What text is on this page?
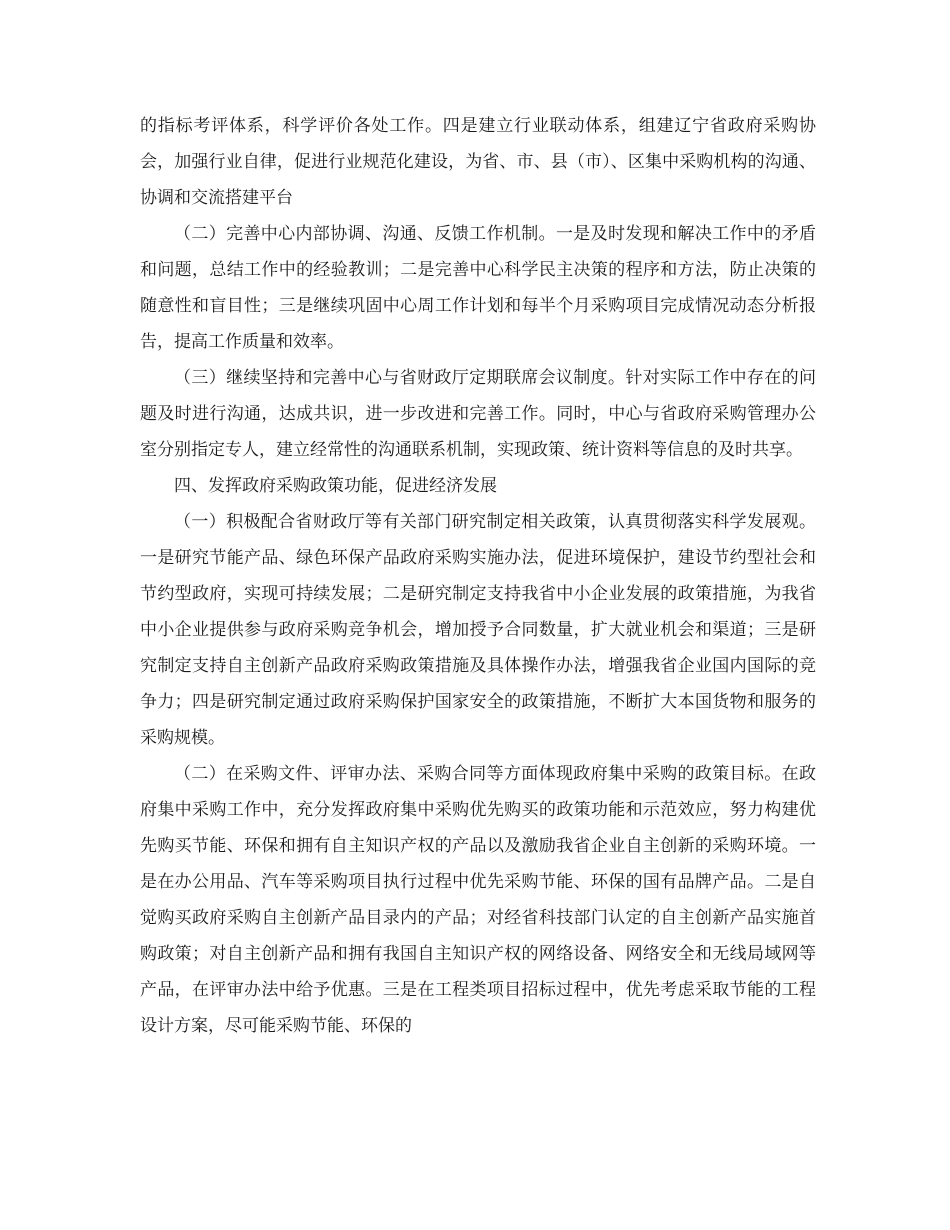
的指标考评体系，科学评价各处工作。四是建立行业联动体系，组建辽宁省政府采购协会，加强行业自律，促进行业规范化建设，为省、市、县（市）、区集中采购机构的沟通、协调和交流搭建平台

（二）完善中心内部协调、沟通、反馈工作机制。一是及时发现和解决工作中的矛盾和问题，总结工作中的经验教训；二是完善中心科学民主决策的程序和方法，防止决策的随意性和盲目性；三是继续巩固中心周工作计划和每半个月采购项目完成情况动态分析报告，提高工作质量和效率。

（三）继续坚持和完善中心与省财政厅定期联席会议制度。针对实际工作中存在的问题及时进行沟通，达成共识，进一步改进和完善工作。同时，中心与省政府采购管理办公室分别指定专人，建立经常性的沟通联系机制，实现政策、统计资料等信息的及时共享。

四、发挥政府采购政策功能，促进经济发展

（一）积极配合省财政厅等有关部门研究制定相关政策，认真贯彻落实科学发展观。一是研究节能产品、绿色环保产品政府采购实施办法，促进环境保护，建设节约型社会和节约型政府，实现可持续发展；二是研究制定支持我省中小企业发展的政策措施，为我省中小企业提供参与政府采购竞争机会，增加授予合同数量，扩大就业机会和渠道；三是研究制定支持自主创新产品政府采购政策措施及具体操作办法，增强我省企业国内国际的竞争力；四是研究制定通过政府采购保护国家安全的政策措施，不断扩大本国货物和服务的采购规模。

（二）在采购文件、评审办法、采购合同等方面体现政府集中采购的政策目标。在政府集中采购工作中，充分发挥政府集中采购优先购买的政策功能和示范效应，努力构建优先购买节能、环保和拥有自主知识产权的产品以及激励我省企业自主创新的采购环境。一是在办公用品、汽车等采购项目执行过程中优先采购节能、环保的国有品牌产品。二是自觉购买政府采购自主创新产品目录内的产品；对经省科技部门认定的自主创新产品实施首购政策；对自主创新产品和拥有我国自主知识产权的网络设备、网络安全和无线局域网等产品，在评审办法中给予优惠。三是在工程类项目招标过程中，优先考虑采取节能的工程设计方案，尽可能采购节能、环保的
